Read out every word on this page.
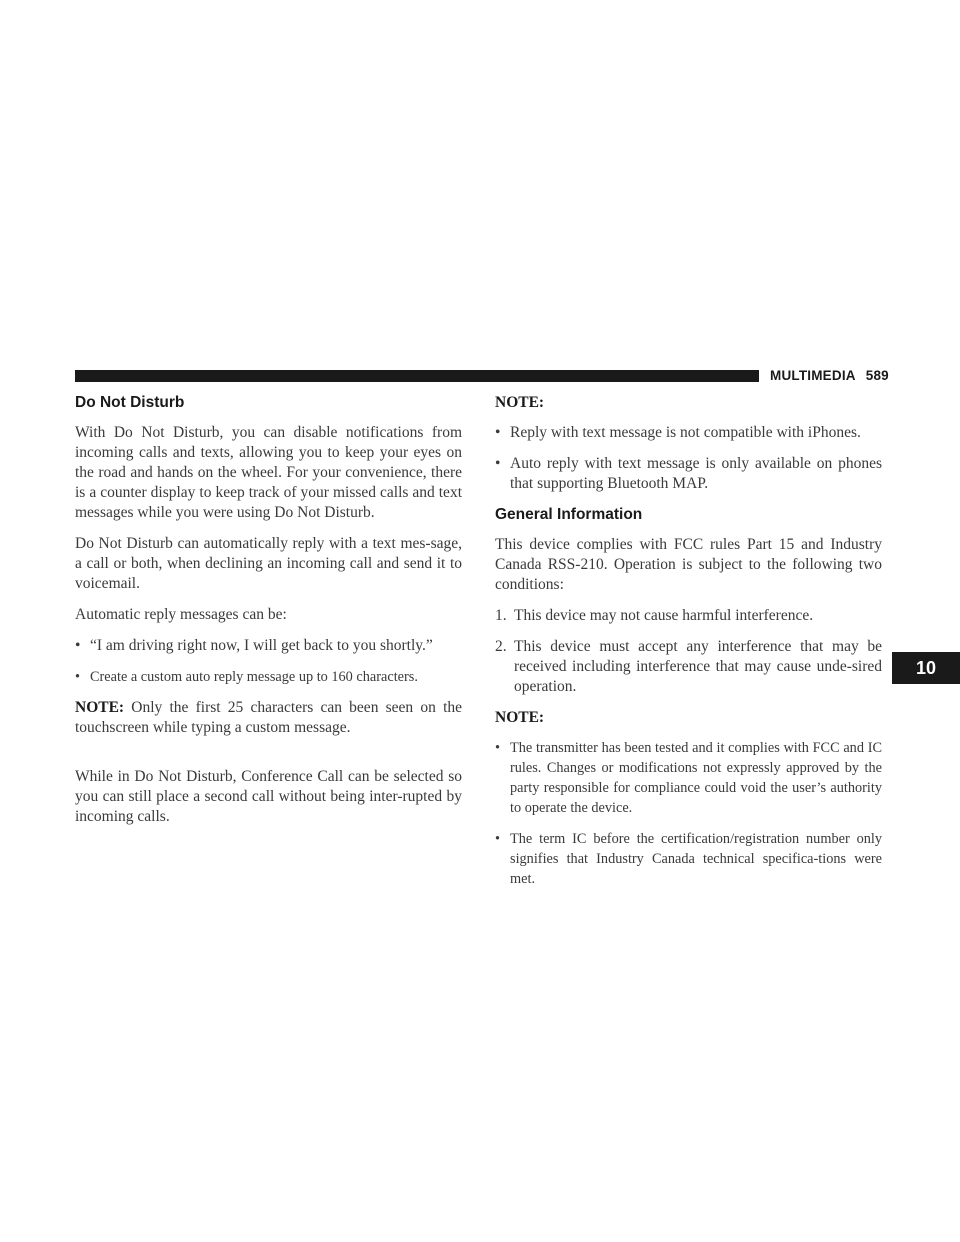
MULTIMEDIA 589
10
Do Not Disturb

With Do Not Disturb, you can disable notifications from incoming calls and texts, allowing you to keep your eyes on the road and hands on the wheel. For your convenience, there is a counter display to keep track of your missed calls and text messages while you were using Do Not Disturb.

Do Not Disturb can automatically reply with a text mes-sage, a call or both, when declining an incoming call and send it to voicemail.

Automatic reply messages can be:

• “I am driving right now, I will get back to you shortly.”
• Create a custom auto reply message up to 160 characters.

NOTE: Only the first 25 characters can been seen on the touchscreen while typing a custom message.

While in Do Not Disturb, Conference Call can be selected so you can still place a second call without being inter-rupted by incoming calls.

NOTE:
• Reply with text message is not compatible with iPhones.
• Auto reply with text message is only available on phones that supporting Bluetooth MAP.
General Information

This device complies with FCC rules Part 15 and Industry Canada RSS-210. Operation is subject to the following two conditions:

1. This device may not cause harmful interference.
2. This device must accept any interference that may be received including interference that may cause unde-sired operation.
NOTE:
• The transmitter has been tested and it complies with FCC and IC rules. Changes or modifications not expressly approved by the party responsible for compliance could void the user’s authority to operate the device.
• The term IC before the certification/registration number only signifies that Industry Canada technical specifica-tions were met.
